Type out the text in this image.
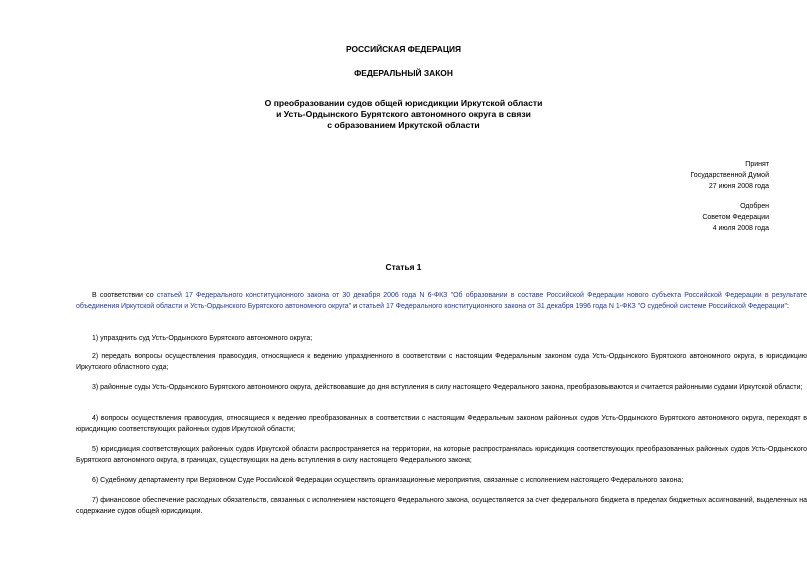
РОССИЙСКАЯ ФЕДЕРАЦИЯ
ФЕДЕРАЛЬНЫЙ ЗАКОН
О преобразовании судов общей юрисдикции Иркутской области
и Усть-Ордынского Бурятского автономного округа в связи
с образованием Иркутской области
Принят
Государственной Думой
27 июня 2008 года
Одобрен
Советом Федерации
4 июля 2008 года
Статья 1
В соответствии со статьей 17 Федерального конституционного закона от 30 декабря 2006 года N 6-ФКЗ "Об образовании в составе Российской Федерации нового субъекта Российской Федерации в результате объединения Иркутской области и Усть-Ордынского Бурятского автономного округа" и статьей 17 Федерального конституционного закона от 31 декабря 1996 года N 1-ФКЗ "О судебной системе Российской Федерации":
1) упразднить суд Усть-Ордынского Бурятского автономного округа;
2) передать вопросы осуществления правосудия, относящиеся к ведению упраздненного в соответствии с настоящим Федеральным законом суда Усть-Ордынского Бурятского автономного округа, в юрисдикцию Иркутского областного суда;
3) районные суды Усть-Ордынского Бурятского автономного округа, действовавшие до дня вступления в силу настоящего Федерального закона, преобразовываются и считается районными судами Иркутской области;
4) вопросы осуществления правосудия, относящиеся к ведению преобразованных в соответствии с настоящим Федеральным законом районных судов Усть-Ордынского Бурятского автономного округа, переходят в юрисдикцию соответствующих районных судов Иркутской области;
5) юрисдикция соответствующих районных судов Иркутской области распространяется на территории, на которые распространялась юрисдикция соответствующих преобразованных районных судов Усть-Ордынского Бурятского автономного округа, в границах, существующих на день вступления в силу настоящего Федерального закона;
6) Судебному департаменту при Верховном Суде Российской Федерации осуществить организационные мероприятия, связанные с исполнением настоящего Федерального закона;
7) финансовое обеспечение расходных обязательств, связанных с исполнением настоящего Федерального закона, осуществляется за счет федерального бюджета в пределах бюджетных ассигнований, выделенных на содержание судов общей юрисдикции.
